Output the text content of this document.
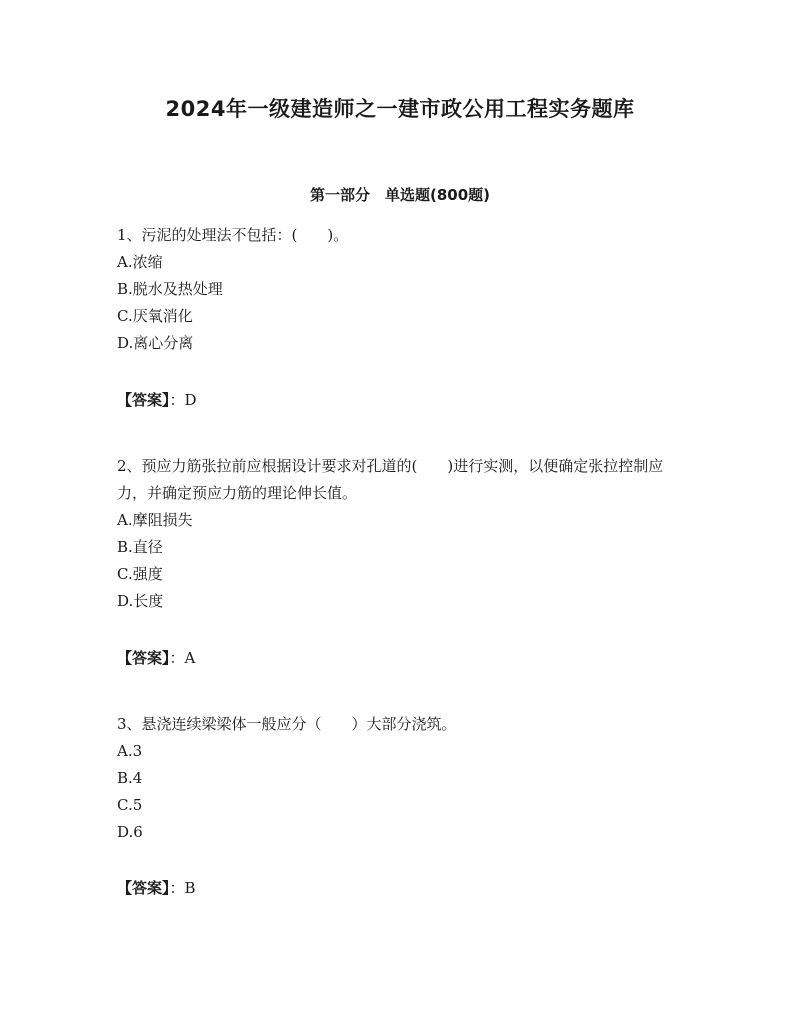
2024年一级建造师之一建市政公用工程实务题库
第一部分　单选题(800题)
1、污泥的处理法不包括：(　　)。
A.浓缩
B.脱水及热处理
C.厌氧消化
D.离心分离
【答案】：D
2、预应力筋张拉前应根据设计要求对孔道的(　　)进行实测，以便确定张拉控制应力，并确定预应力筋的理论伸长值。
A.摩阻损失
B.直径
C.强度
D.长度
【答案】：A
3、悬浇连续梁梁体一般应分（　　）大部分浇筑。
A.3
B.4
C.5
D.6
【答案】：B
